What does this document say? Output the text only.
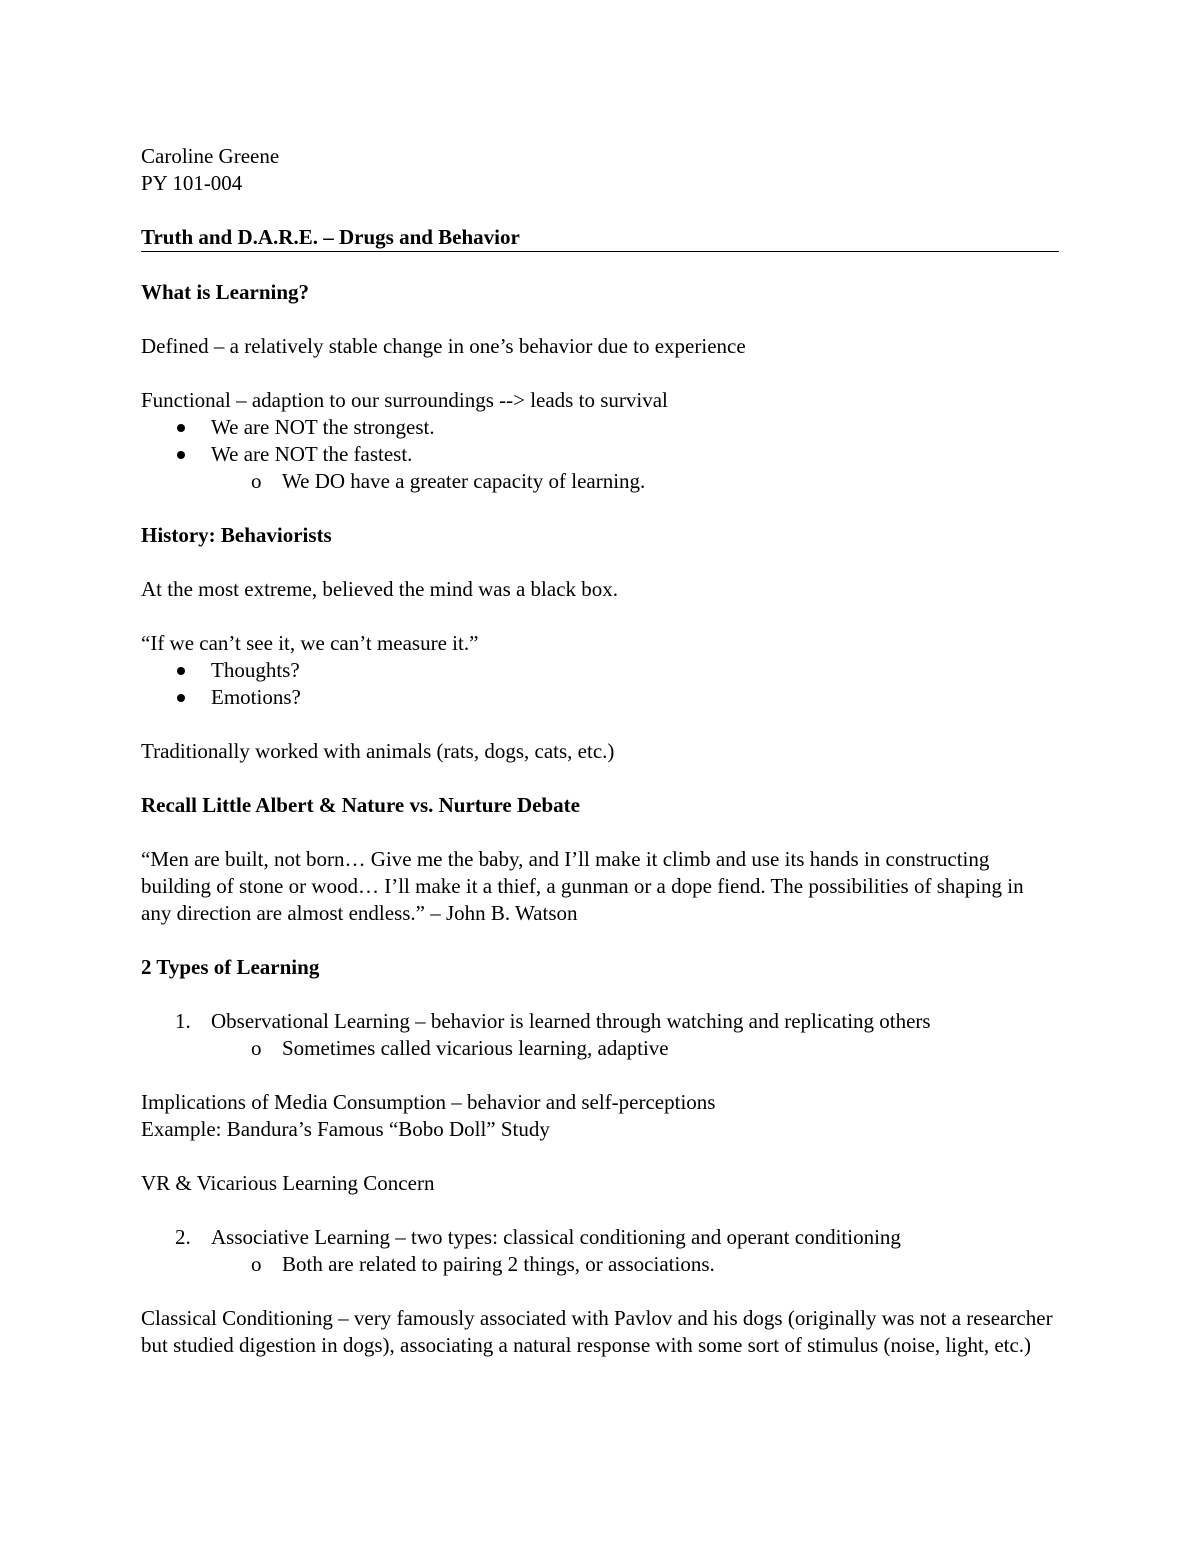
Caroline Greene

PY 101-004

Truth and D.A.R.E. – Drugs and Behavior

What is Learning?

Defined – a relatively stable change in one’s behavior due to experience

Functional – adaption to our surroundings --> leads to survival

We are NOT the strongest.
We are NOT the fastest.
o We DO have a greater capacity of learning.

History: Behaviorists

At the most extreme, believed the mind was a black box.

“If we can’t see it, we can’t measure it.”

Thoughts?
Emotions?

Traditionally worked with animals (rats, dogs, cats, etc.)

Recall Little Albert & Nature vs. Nurture Debate

“Men are built, not born… Give me the baby, and I’ll make it climb and use its hands in constructing building of stone or wood… I’ll make it a thief, a gunman or a dope fiend. The possibilities of shaping in any direction are almost endless.” – John B. Watson

2 Types of Learning

1. Observational Learning – behavior is learned through watching and replicating others
o Sometimes called vicarious learning, adaptive

Implications of Media Consumption – behavior and self-perceptions

Example: Bandura’s Famous “Bobo Doll” Study

VR & Vicarious Learning Concern

2. Associative Learning – two types: classical conditioning and operant conditioning
o Both are related to pairing 2 things, or associations.

Classical Conditioning – very famously associated with Pavlov and his dogs (originally was not a researcher but studied digestion in dogs), associating a natural response with some sort of stimulus (noise, light, etc.)
